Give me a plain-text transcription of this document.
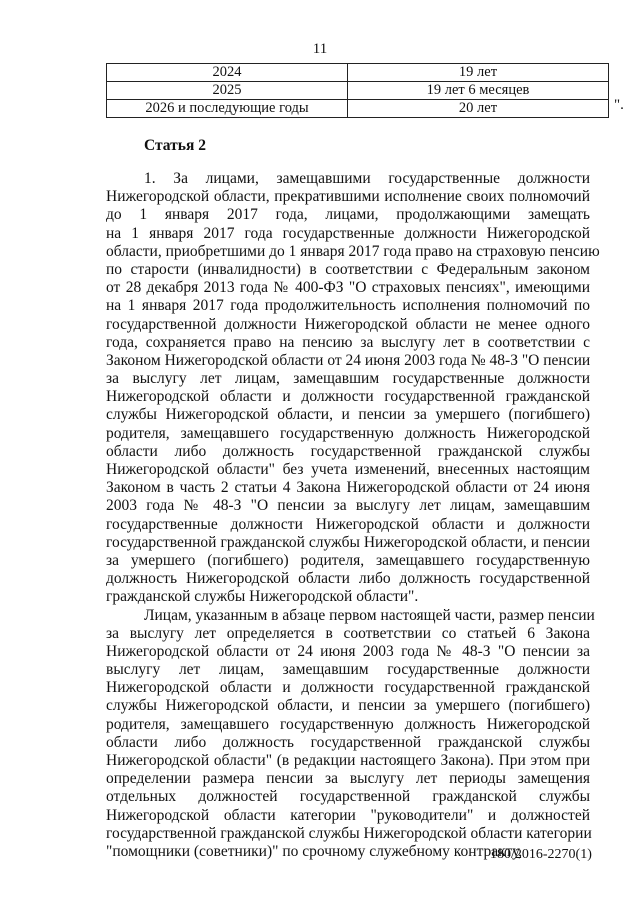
11
2024	19 лет
2025	19 лет 6 месяцев
2026 и последующие годы	20 лет	".
Статья 2
1. За лицами, замещавшими государственные должности
Нижегородской области, прекратившими исполнение своих полномочий
до 1 января 2017 года, лицами, продолжающими замещать
на 1 января 2017 года государственные должности Нижегородской
области, приобретшими до 1 января 2017 года право на страховую пенсию
по старости (инвалидности) в соответствии с Федеральным законом
от 28 декабря 2013 года № 400-ФЗ "О страховых пенсиях", имеющими
на 1 января 2017 года продолжительность исполнения полномочий по
государственной должности Нижегородской области не менее одного
года, сохраняется право на пенсию за выслугу лет в соответствии с
Законом Нижегородской области от 24 июня 2003 года № 48-З "О пенсии
за выслугу лет лицам, замещавшим государственные должности
Нижегородской области и должности государственной гражданской
службы Нижегородской области, и пенсии за умершего (погибшего)
родителя, замещавшего государственную должность Нижегородской
области либо должность государственной гражданской службы
Нижегородской области" без учета изменений, внесенных настоящим
Законом в часть 2 статьи 4 Закона Нижегородской области от 24 июня
2003 года № 48-З "О пенсии за выслугу лет лицам, замещавшим
государственные должности Нижегородской области и должности
государственной гражданской службы Нижегородской области, и пенсии
за умершего (погибшего) родителя, замещавшего государственную
должность Нижегородской области либо должность государственной
гражданской службы Нижегородской области".
Лицам, указанным в абзаце первом настоящей части, размер пенсии
за выслугу лет определяется в соответствии со статьей 6 Закона
Нижегородской области от 24 июня 2003 года № 48-З "О пенсии за
выслугу лет лицам, замещавшим государственные должности
Нижегородской области и должности государственной гражданской
службы Нижегородской области, и пенсии за умершего (погибшего)
родителя, замещавшего государственную должность Нижегородской
области либо должность государственной гражданской службы
Нижегородской области" (в редакции настоящего Закона). При этом при
определении размера пенсии за выслугу лет периоды замещения
отдельных должностей государственной гражданской службы
Нижегородской области категории "руководители" и должностей
государственной гражданской службы Нижегородской области категории
"помощники (советники)" по срочному служебному контракту,
180/2016-2270(1)
